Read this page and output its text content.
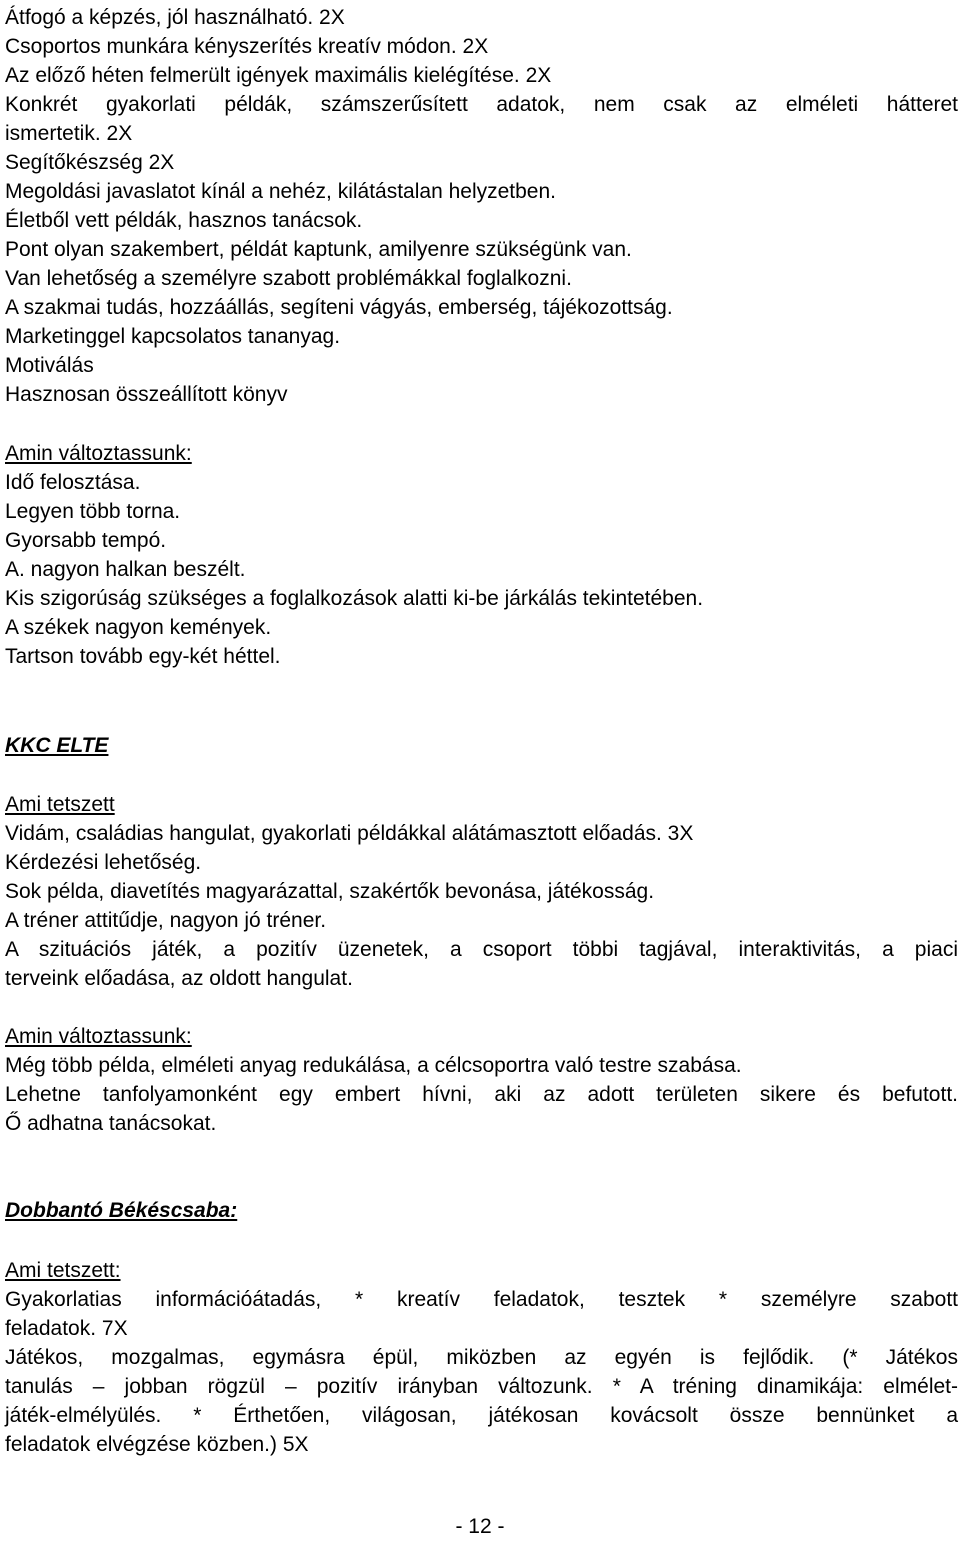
Átfogó a képzés, jól használható. 2X
Csoportos munkára kényszerítés kreatív módon. 2X
Az előző héten felmerült igények maximális kielégítése. 2X
Konkrét gyakorlati példák, számszerűsített adatok, nem csak az elméleti hátteret
ismertetik. 2X
Segítőkészség 2X
Megoldási javaslatot kínál a nehéz, kilátástalan helyzetben.
Életből vett példák, hasznos tanácsok.
Pont olyan szakembert, példát kaptunk, amilyenre szükségünk van.
Van lehetőség a személyre szabott problémákkal foglalkozni.
A szakmai tudás, hozzáállás, segíteni vágyás, emberség, tájékozottság.
Marketinggel kapcsolatos tananyag.
Motiválás
Hasznosan összeállított könyv
Amin változtassunk:
Idő felosztása.
Legyen több torna.
Gyorsabb tempó.
A. nagyon halkan beszélt.
Kis szigorúság szükséges a foglalkozások alatti ki-be járkálás tekintetében.
A székek nagyon kemények.
Tartson tovább egy-két héttel.
KKC ELTE
Ami tetszett
Vidám, családias hangulat, gyakorlati példákkal alátámasztott előadás. 3X
Kérdezési lehetőség.
Sok példa, diavetítés magyarázattal, szakértők bevonása, játékosság.
A tréner attitűdje, nagyon jó tréner.
A szituációs játék, a pozitív üzenetek, a csoport többi tagjával, interaktivitás, a piaci
terveink előadása, az oldott hangulat.
Amin változtassunk:
Még több példa, elméleti anyag redukálása, a célcsoportra való testre szabása.
Lehetne tanfolyamonként egy embert hívni, aki az adott területen sikere és befutott.
Ő adhatna tanácsokat.
Dobbantó Békéscsaba:
Ami tetszett:
Gyakorlatias információátadás, * kreatív feladatok, tesztek * személyre szabott
feladatok. 7X
Játékos, mozgalmas, egymásra épül, miközben az egyén is fejlődik. (* Játékos
tanulás – jobban rögzül – pozitív irányban változunk. * A tréning dinamikája: elmélet-
játék-elmélyülés. * Érthetően, világosan, játékosan kovácsolt össze bennünket a
feladatok elvégzése közben.) 5X
- 12 -
